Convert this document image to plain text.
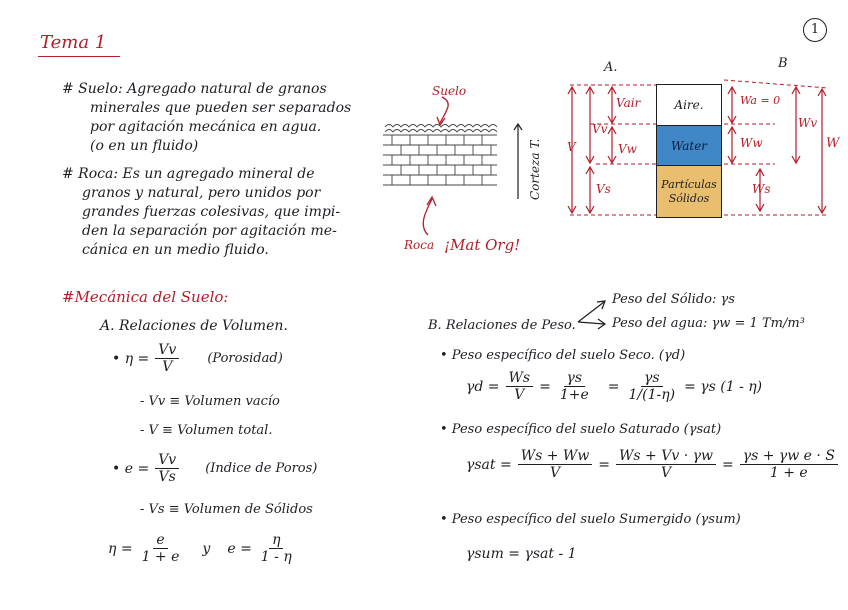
1
Tema 1
# Suelo: Agregado natural de granos
minerales que pueden ser separados
por agitación mecánica en agua.
(o en un fluido)
# Roca: Es un agregado mineral de
granos y natural, pero unidos por
grandes fuerzas colesivas, que impi-
den la separación por agitación me-
cánica en un medio fluido.
Suelo
Corteza T.
Roca ¡Mat Org!
A.	B
Aire.
Water
Partículas
Sólidos
V
Vv
Vair
Vw
Vs
Wa = 0
Ww
Ws
Wv
W
#Mecánica del Suelo:
A. Relaciones de Volumen.
• $\eta = \frac{Vv}{V}$ (Porosidad)
- Vv ≡ Volumen vacío
- V ≡ Volumen total.
• $e = \frac{Vv}{Vs}$ (Indice de Poros)
- Vs ≡ Volumen de Sólidos
$\eta = \frac{e}{1 + e}$ y $e = \frac{\eta}{1 - \eta}$
B. Relaciones de Peso.
Peso del Sólido: γs
Peso del agua: γw = 1 Tm/m³
• Peso específico del suelo Seco. (γd)
$\gamma d = \frac{Ws}{V} = \frac{\gamma s}{1+e} = \frac{\gamma s}{1/(1-\eta)} = \gamma s$ (1 - η)
• Peso específico del suelo Saturado (γsat)
$\gamma sat = \frac{Ws + Ww}{V} = \frac{Ws + Vv \cdot \gamma w}{V} = \frac{\text{γs + γw e · S}}{1 + e}$
• Peso específico del suelo Sumergido (γsum)
γsum = γsat - 1
